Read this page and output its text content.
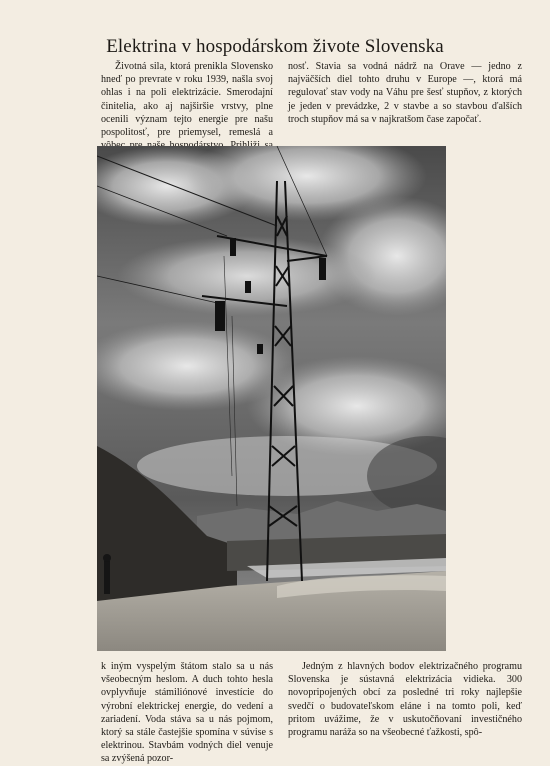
Elektrina v hospodárskom živote Slovenska

Životná sila, ktorá prenikla Slovensko hneď po prevrate v roku 1939, našla svoj ohlas i na poli elektrizácie. Smerodajní činitelia, ako aj najširšie vrstvy, plne ocenili význam tejto energie pre našu pospolitosť, pre priemysel, remeslá a

nosť. Stavia sa vodná nádrž na Orave — jedno z najväčších diel tohto druhu v Europe —, ktorá má regulovať stav vody na Váhu pre šesť stupňov, z ktorých je jeden v prevádzke, 2 v stavbe a so stavbou ďalších troch stupňov má sa v najkratšom čase započať.

k iným vyspelým štátom stalo sa u nás všeobecným heslom. A duch tohto hesla ovplyvňuje stámiliónové investície do výrobní elektrickej energie, do vedení a zariadení. Voda stáva sa u nás pojmom, ktorý sa stále častejšie spomína v súvise s elektrinou. Stavbám vodných diel venuje sa zvýšená pozor-

Jedným z hlavných bodov elektrizačného programu Slovenska je sústavná elektrizácia vidieka. 300 novopripojených obcí za posledné tri roky najlepšie svedčí o budovateľskom eláne i na tomto poli, keď pritom uvážime, že v uskutočňovaní investičného programu naráža so na všeobecné ťažkosti, spô-
